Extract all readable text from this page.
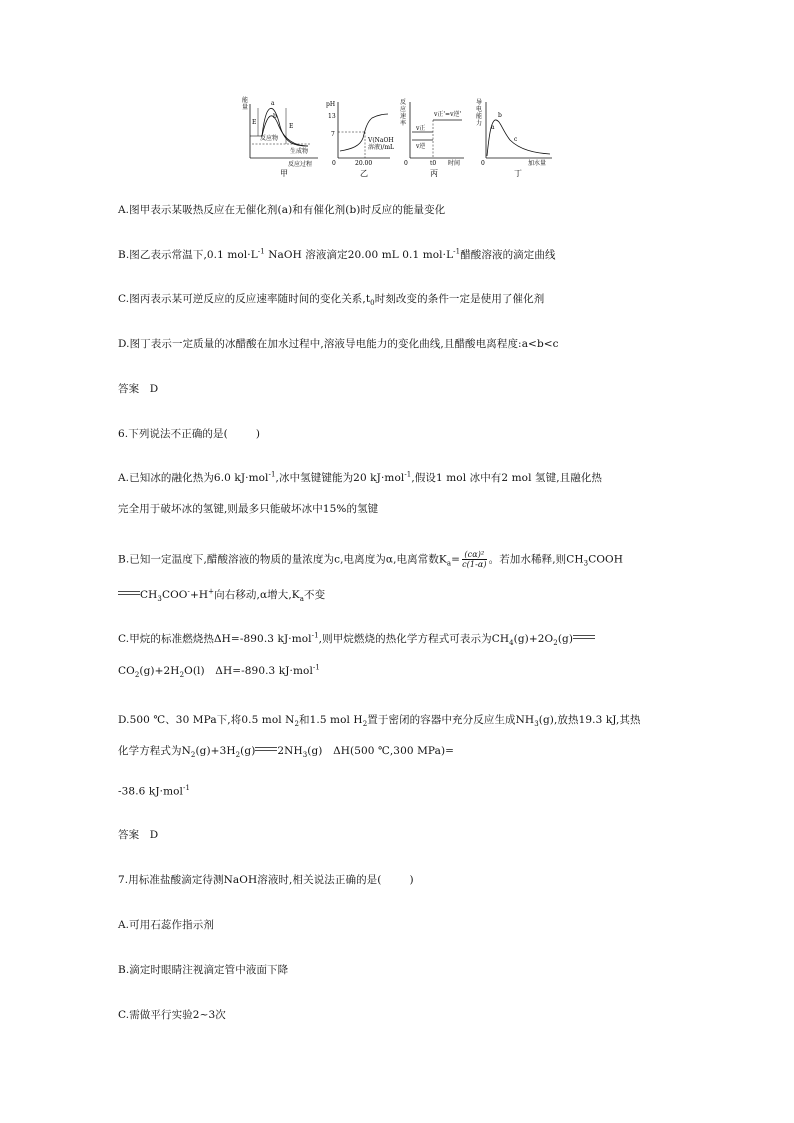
能
量
E
E
a
b
反应物
生成物
反应过程
甲
pH
13
7
0	20.00
V(NaOH
溶液)/mL
乙
反
应
速
率
v正
v逆
v正'=v逆'
0	t0 时间
丙
导
电
能
力
a
b
c
0	加水量
丁
A.图甲表示某吸热反应在无催化剂(a)和有催化剂(b)时反应的能量变化
B.图乙表示常温下,0.1 $mol\cdot L^{-1}$ NaOH 溶液滴定20.00 mL 0.1 $mol\cdot L^{-1}$醋酸溶液的滴定曲线
C.图丙表示某可逆反应的反应速率随时间的变化关系$,t_0$时刻改变的条件一定是使用了催化剂
D.图丁表示一定质量的冰醋酸在加水过程中,溶液导电能力的变化曲线,且醋酸电离程度:a<b<c
答案　D
6.下列说法不正确的是(	)
A.已知冰的融化热为6.0 kJ·mol$^{-1}$,冰中氢键键能为20 kJ·mol$^{-1}$,假设1 mol 冰中有2 mol 氢键,且融化热
完全用于破坏冰的氢键,则最多只能破坏冰中15%的氢键
B.已知一定温度下,醋酸溶液的物质的量浓度为c,电离度为α,电离常数$K_a= \frac{\text{(cα)²}}{c(1-\alpha)}$ 。若加水稀释,则$CH_3COOH$
$CH_3COO^-+H^+$向右移动,α增大$,K_a$不变
C.甲烷的标准燃烧热ΔH=-890.3 kJ·mol$^{-1}$,则甲烷燃烧的热化学方程式可表示为$CH_4(g)+2O_2(g)$
$CO_2(g)+2H_2O(l)$　ΔH=-890.3 kJ·mol$^{-1}$
D.500 ℃、30 MPa下,将0.5 mol $N_2$和1.5 mol $H_2$置于密闭的容器中充分反应生成$NH_3(g)$,放热19.3 kJ,其热
化学方程式为$N_2(g)+3H_2(g)$ $2NH_3(g)$　ΔH(500 ℃,300 MPa)=
-38.6 kJ·mol$^{-1}$
答案　D
7.用标准盐酸滴定待测NaOH溶液时,相关说法正确的是(	)
A.可用石蕊作指示剂
B.滴定时眼睛注视滴定管中液面下降
C.需做平行实验2~3次
